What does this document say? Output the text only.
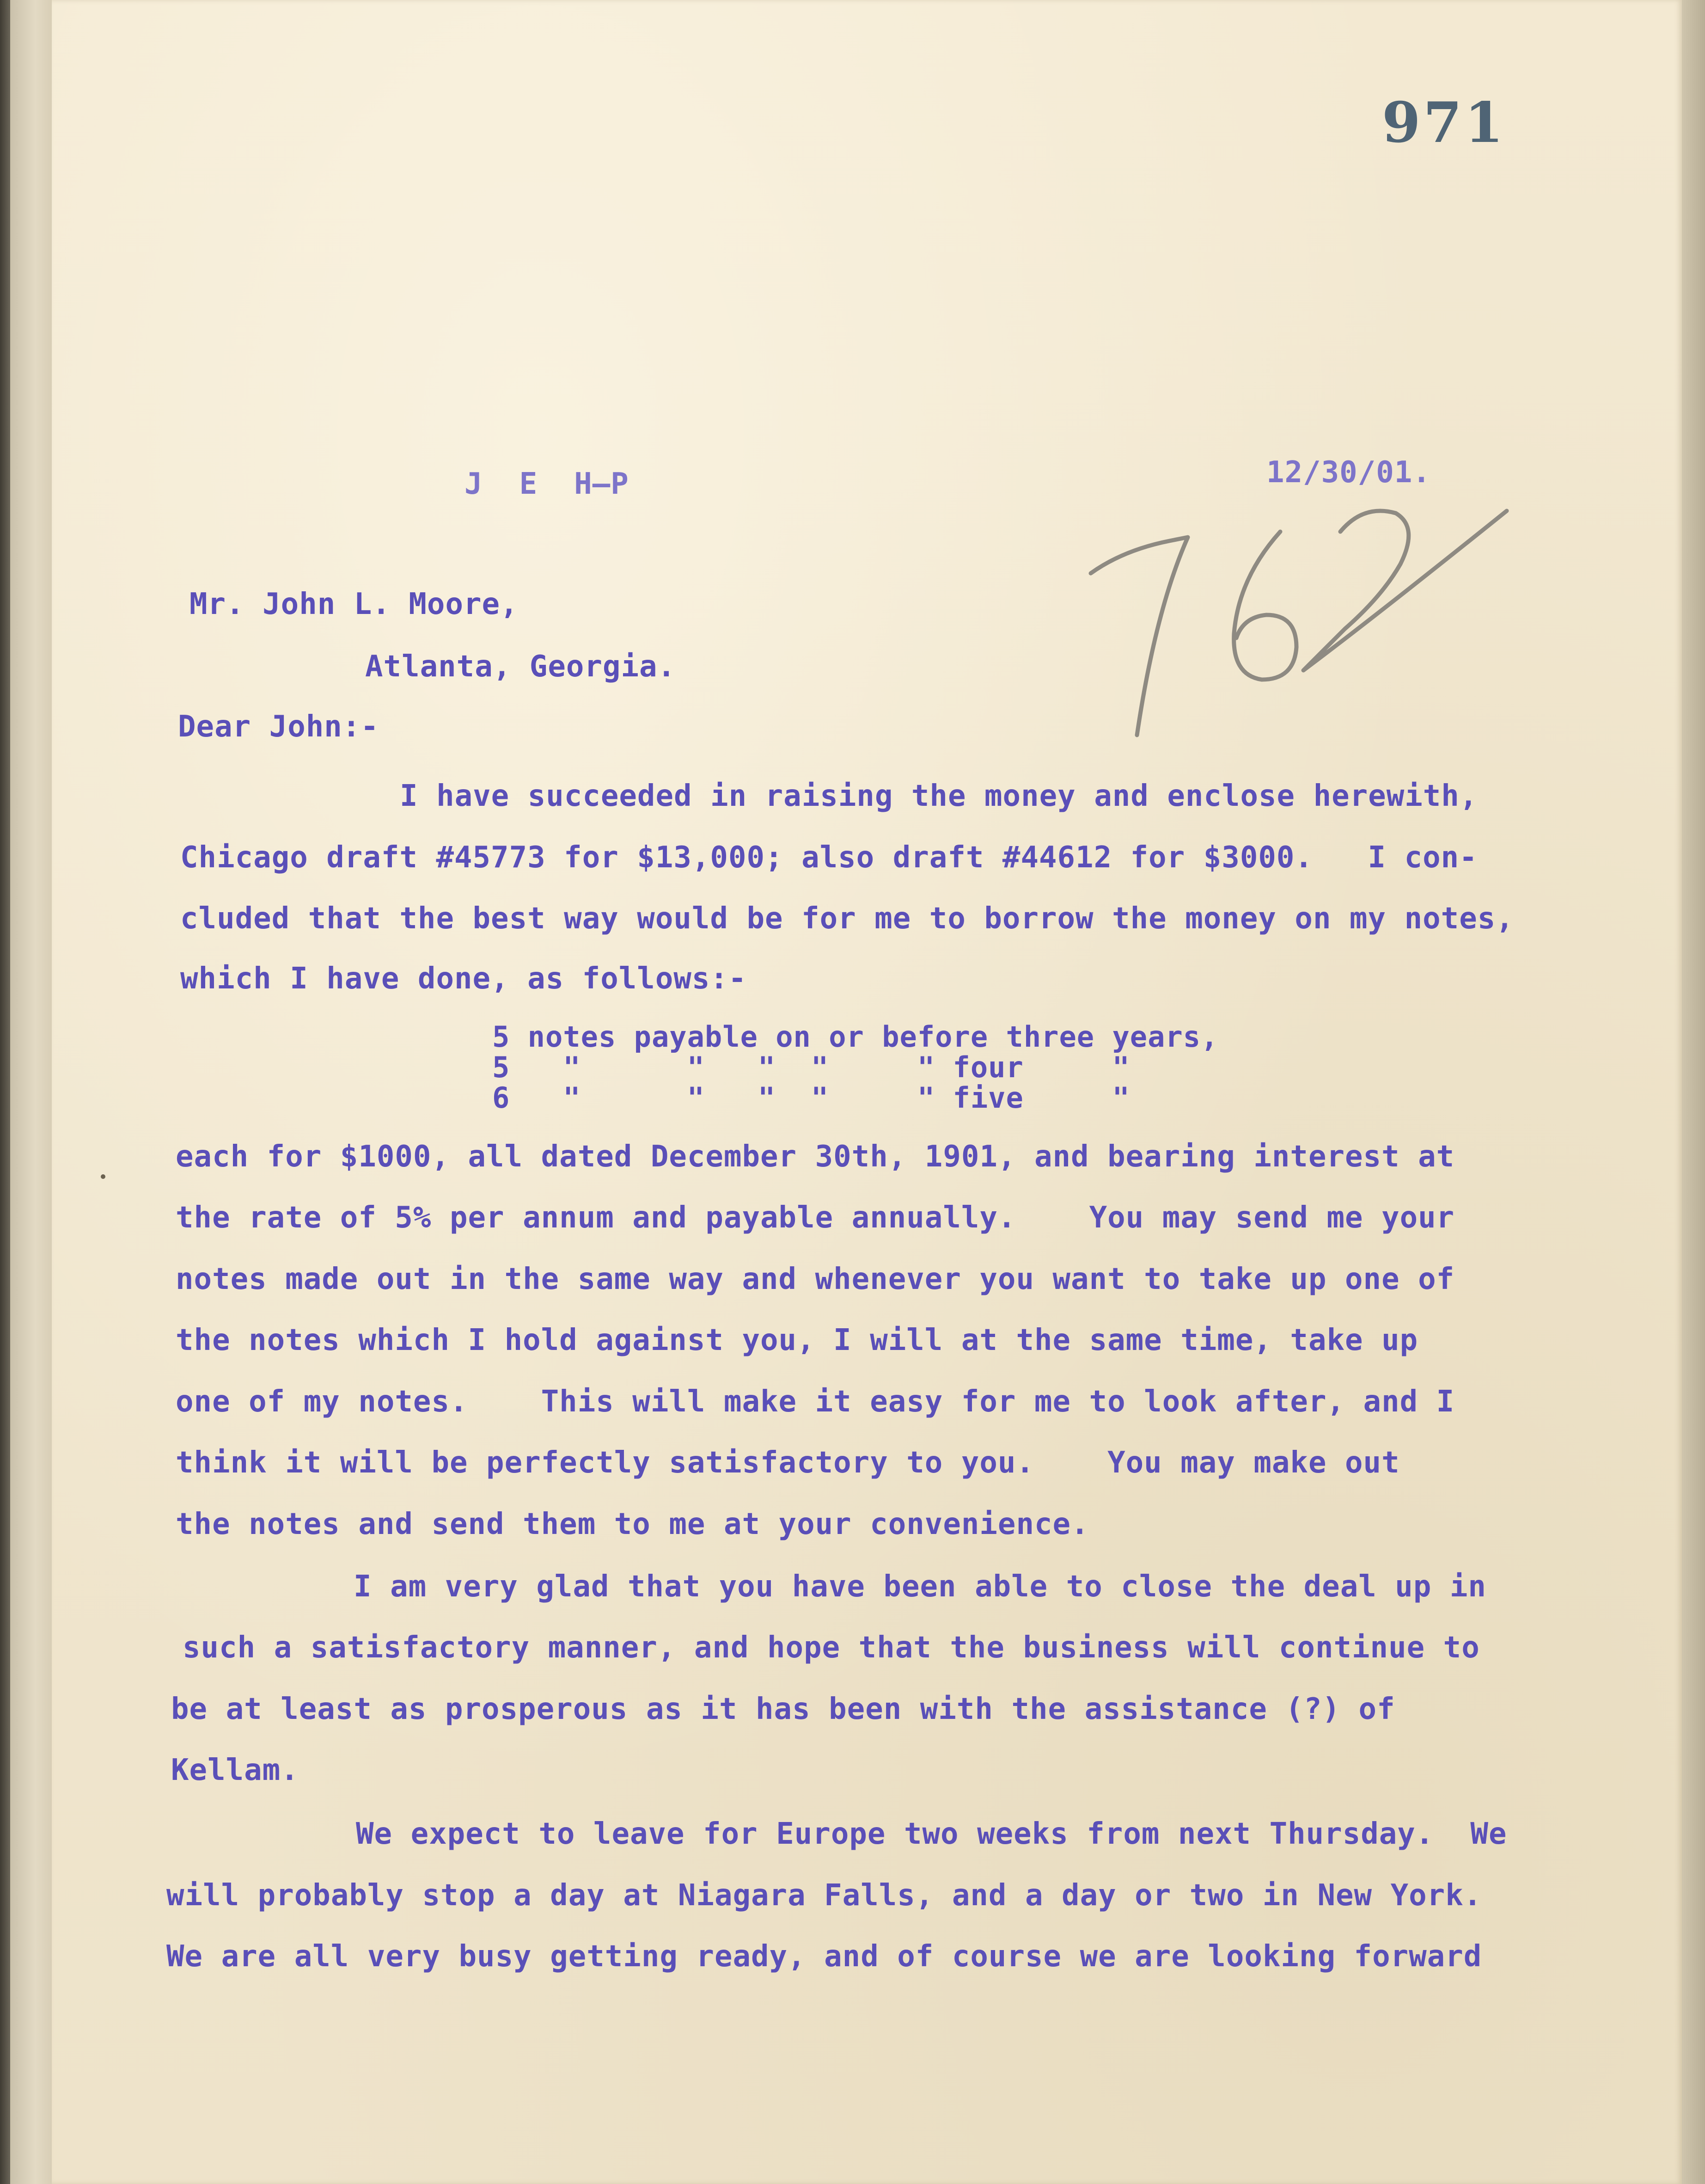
971
J  E  H—P	12/30/01.
Mr. John L. Moore,
Atlanta, Georgia.
Dear John:-
I have succeeded in raising the money and enclose herewith,
Chicago draft #45773 for $13,000; also draft #44612 for $3000.   I con-
cluded that the best way would be for me to borrow the money on my notes,
which I have done, as follows:-
5 notes payable on or before three years,
5   "      "   "  "     " four     "
6   "      "   "  "     " five     "
each for $1000, all dated December 30th, 1901, and bearing interest at
the rate of 5% per annum and payable annually.    You may send me your
notes made out in the same way and whenever you want to take up one of
the notes which I hold against you, I will at the same time, take up
one of my notes.    This will make it easy for me to look after, and I
think it will be perfectly satisfactory to you.    You may make out
the notes and send them to me at your convenience.
I am very glad that you have been able to close the deal up in
such a satisfactory manner, and hope that the business will continue to
be at least as prosperous as it has been with the assistance (?) of
Kellam.
We expect to leave for Europe two weeks from next Thursday.  We
will probably stop a day at Niagara Falls, and a day or two in New York.
We are all very busy getting ready, and of course we are looking forward
